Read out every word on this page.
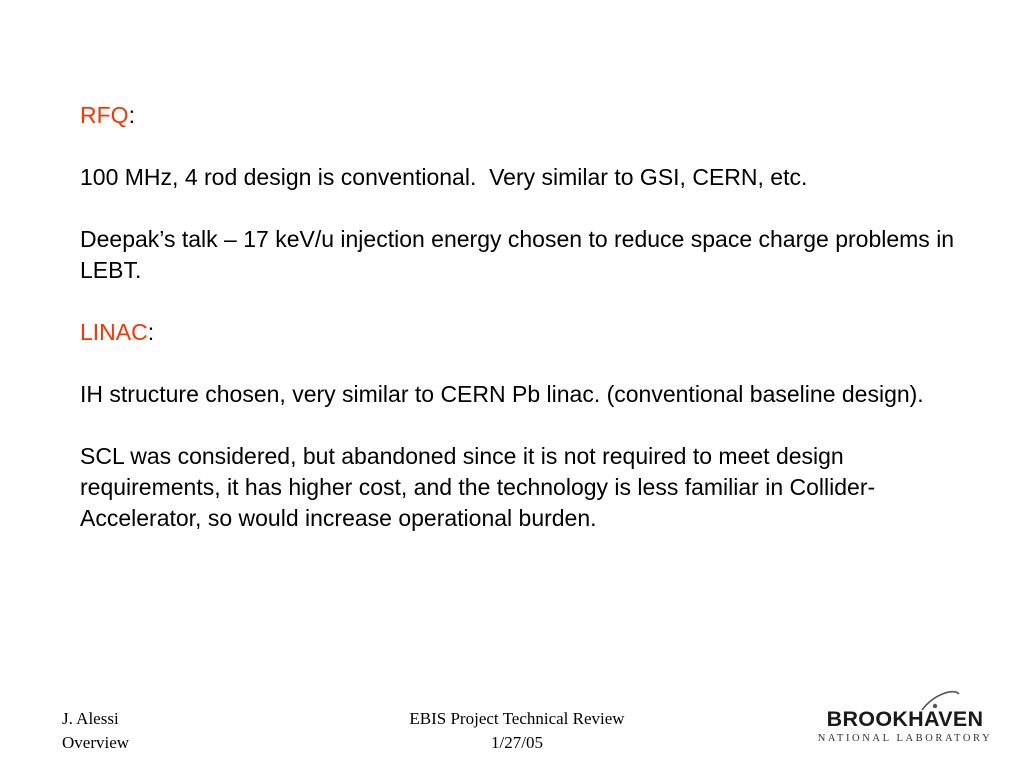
RFQ:

100 MHz, 4 rod design is conventional.  Very similar to GSI, CERN, etc.

Deepak’s talk – 17 keV/u injection energy chosen to reduce space charge problems in LEBT.

LINAC:

IH structure chosen, very similar to CERN Pb linac. (conventional baseline design).

SCL was considered, but abandoned since it is not required to meet design requirements, it has higher cost, and the technology is less familiar in Collider-Accelerator, so would increase operational burden.

J. Alessi
Overview
EBIS Project Technical Review
1/27/05
BROOKHAVEN
NATIONAL LABORATORY
